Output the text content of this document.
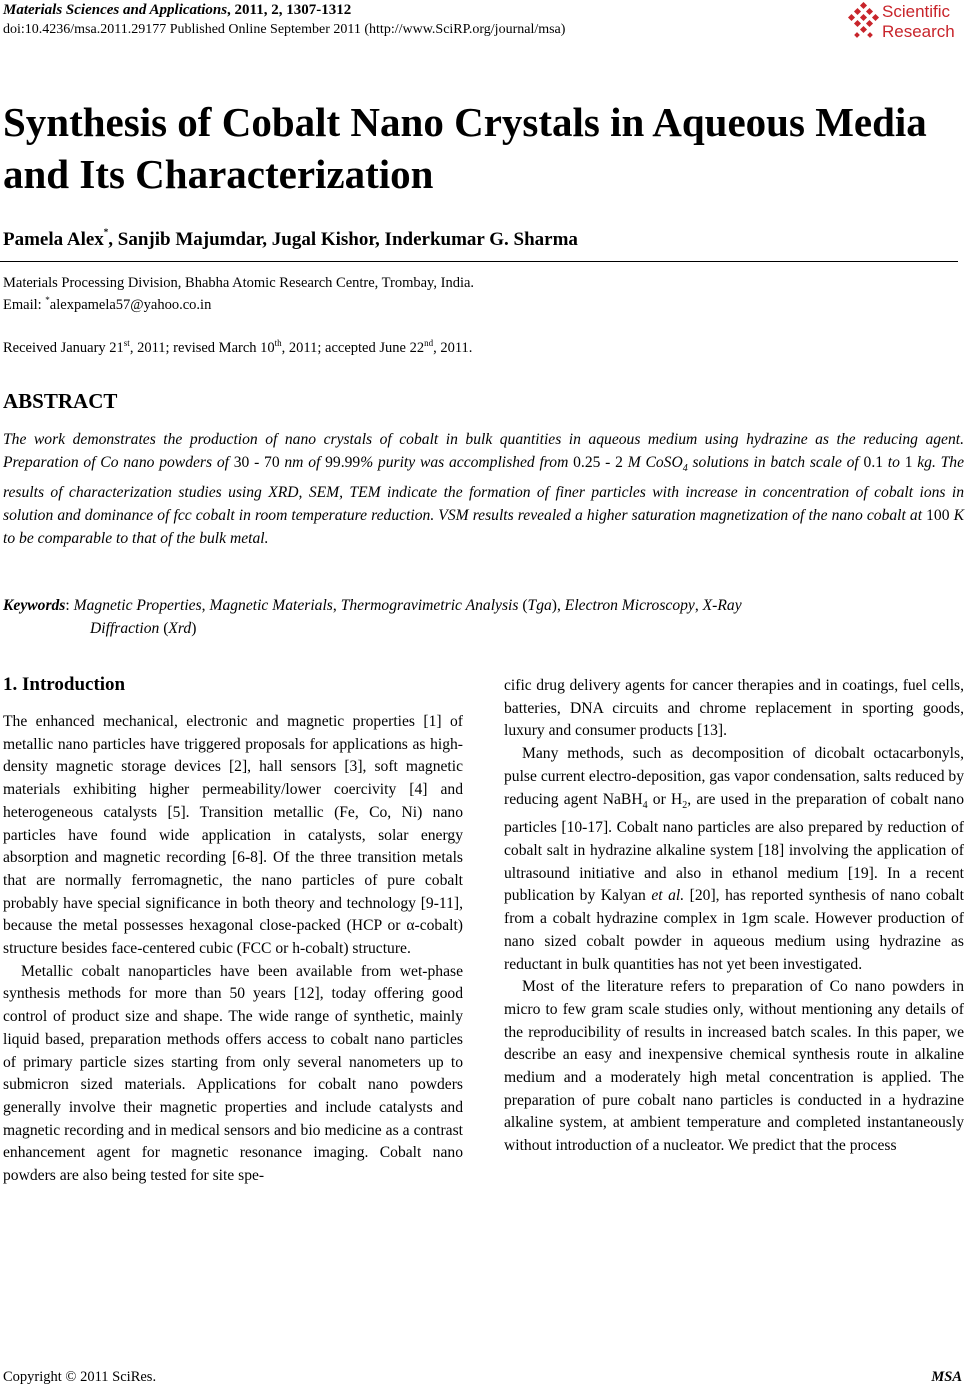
Materials Sciences and Applications, 2011, 2, 1307-1312
doi:10.4236/msa.2011.29177 Published Online September 2011 (http://www.SciRP.org/journal/msa)
Scientific
Research
Synthesis of Cobalt Nano Crystals in Aqueous Media and Its Characterization
Pamela Alex*, Sanjib Majumdar, Jugal Kishor, Inderkumar G. Sharma
Materials Processing Division, Bhabha Atomic Research Centre, Trombay, India.
Email: *alexpamela57@yahoo.co.in
Received January 21st, 2011; revised March 10th, 2011; accepted June 22nd, 2011.
ABSTRACT
The work demonstrates the production of nano crystals of cobalt in bulk quantities in aqueous medium using hydrazine as the reducing agent. Preparation of Co nano powders of 30 - 70 nm of 99.99% purity was accomplished from 0.25 - 2 M CoSO$_4$ solutions in batch scale of 0.1 to 1 kg. The results of characterization studies using XRD, SEM, TEM indicate the formation of finer particles with increase in concentration of cobalt ions in solution and dominance of fcc cobalt in room temperature reduction. VSM results revealed a higher saturation magnetization of the nano cobalt at 100 K to be comparable to that of the bulk metal.
Keywords: Magnetic Properties, Magnetic Materials, Thermogravimetric Analysis (Tga), Electron Microscopy, X-Ray
Diffraction (Xrd)
1. Introduction

The enhanced mechanical, electronic and magnetic properties [1] of metallic nano particles have triggered proposals for applications as high-density magnetic storage devices [2], hall sensors [3], soft magnetic materials exhibiting higher permeability/lower coercivity [4] and heterogeneous catalysts [5]. Transition metallic (Fe, Co, Ni) nano particles have found wide application in catalysts, solar energy absorption and magnetic recording [6-8]. Of the three transition metals that are normally ferromagnetic, the nano particles of pure cobalt probably have special significance in both theory and technology [9-11], because the metal possesses hexagonal close-packed (HCP or α-cobalt) structure besides face-centered cubic (FCC or h-cobalt) structure.

Metallic cobalt nanoparticles have been available from wet-phase synthesis methods for more than 50 years [12], today offering good control of product size and shape. The wide range of synthetic, mainly liquid based, preparation methods offers access to cobalt nano particles of primary particle sizes starting from only several nanometers up to submicron sized materials. Applications for cobalt nano powders generally involve their magnetic properties and include catalysts and magnetic recording and in medical sensors and bio medicine as a contrast enhancement agent for magnetic resonance imaging. Cobalt nano powders are also being tested for site spe-

cific drug delivery agents for cancer therapies and in coatings, fuel cells, batteries, DNA circuits and chrome replacement in sporting goods, luxury and consumer products [13].

Many methods, such as decomposition of dicobalt octacarbonyls, pulse current electro-deposition, gas vapor condensation, salts reduced by reducing agent NaBH$_4$ or $H_2$, are used in the preparation of cobalt nano particles [10-17]. Cobalt nano particles are also prepared by reduction of cobalt salt in hydrazine alkaline system [18] involving the application of ultrasound initiative and also in ethanol medium [19]. In a recent publication by Kalyan et al. [20], has reported synthesis of nano cobalt from a cobalt hydrazine complex in 1gm scale. However production of nano sized cobalt powder in aqueous medium using hydrazine as reductant in bulk quantities has not yet been investigated.

Most of the literature refers to preparation of Co nano powders in micro to few gram scale studies only, without mentioning any details of the reproducibility of results in increased batch scales. In this paper, we describe an easy and inexpensive chemical synthesis route in alkaline medium and a moderately high metal concentration is applied. The preparation of pure cobalt nano particles is conducted in a hydrazine alkaline system, at ambient temperature and completed instantaneously without introduction of a nucleator. We predict that the process

Copyright © 2011 SciRes.	MSA
